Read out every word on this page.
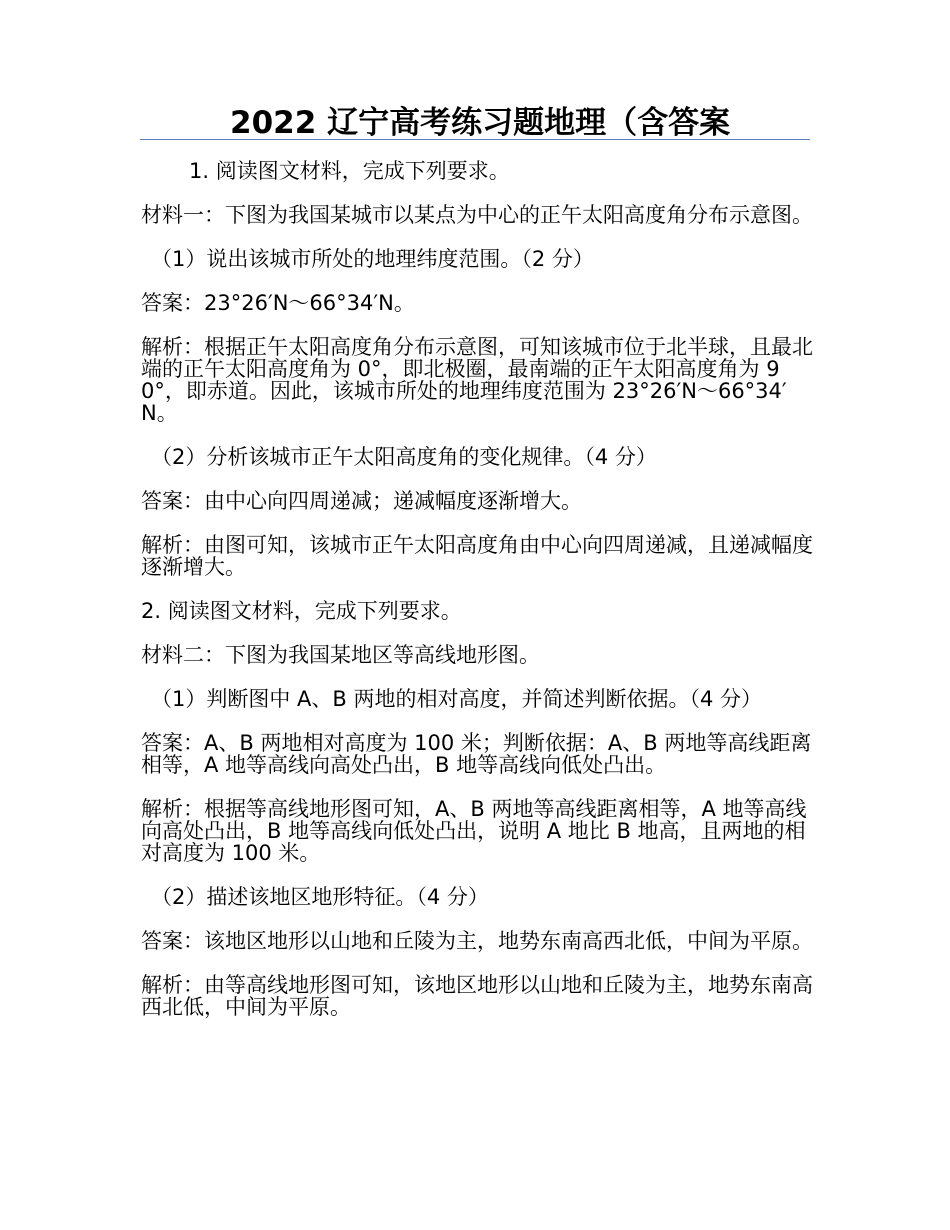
2022 辽宁高考练习题地理（含答案
1. 阅读图文材料，完成下列要求。
材料一：下图为我国某城市以某点为中心的正午太阳高度角分布示意图。
（1）说出该城市所处的地理纬度范围。（2 分）
答案：23°26′N～66°34′N。
解析：根据正午太阳高度角分布示意图，可知该城市位于北半球，且最北端的正午太阳高度角为 0°，即北极圈，最南端的正午太阳高度角为 90°，即赤道。因此，该城市所处的地理纬度范围为 23°26′N～66°34′N。
（2）分析该城市正午太阳高度角的变化规律。（4 分）
答案：由中心向四周递减；递减幅度逐渐增大。
解析：由图可知，该城市正午太阳高度角由中心向四周递减，且递减幅度逐渐增大。
2. 阅读图文材料，完成下列要求。
材料二：下图为我国某地区等高线地形图。
（1）判断图中 A、B 两地的相对高度，并简述判断依据。（4 分）
答案：A、B 两地相对高度为 100 米；判断依据：A、B 两地等高线距离相等，A 地等高线向高处凸出，B 地等高线向低处凸出。
解析：根据等高线地形图可知，A、B 两地等高线距离相等，A 地等高线向高处凸出，B 地等高线向低处凸出，说明 A 地比 B 地高，且两地的相对高度为 100 米。
（2）描述该地区地形特征。（4 分）
答案：该地区地形以山地和丘陵为主，地势东南高西北低，中间为平原。
解析：由等高线地形图可知，该地区地形以山地和丘陵为主，地势东南高西北低，中间为平原。
